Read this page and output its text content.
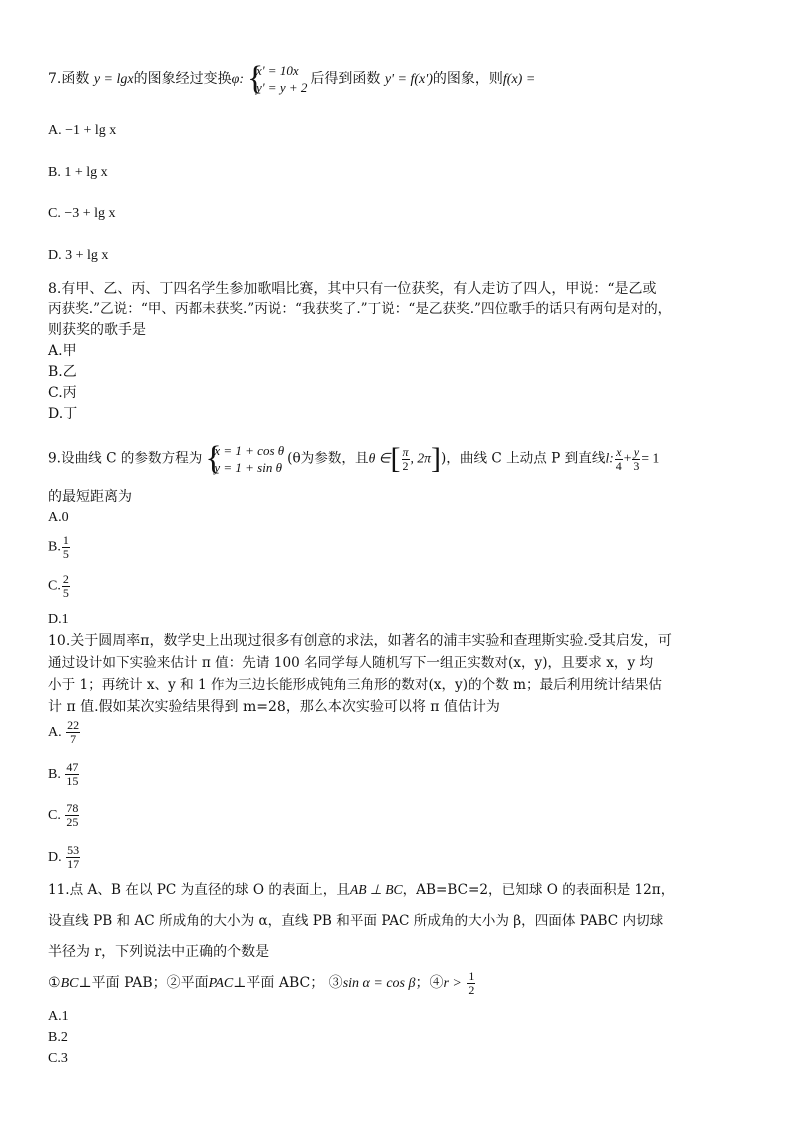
7.函数 y = lgx的图象经过变换φ: {
x' = 10x
y' = y + 2
后得到函数 y' = f(x')的图象，则f(x) =
A. −1 + lg x
B. 1 + lg x
C. −3 + lg x
D. 3 + lg x
8.有甲、乙、丙、丁四名学生参加歌唱比赛，其中只有一位获奖，有人走访了四人，甲说：“是乙或
丙获奖.”乙说：“甲、丙都未获奖.”丙说：“我获奖了.”丁说：“是乙获奖.”四位歌手的话只有两句是对的，
则获奖的歌手是
A.甲
B.乙
C.丙
D.丁
9.设曲线 C 的参数方程为 {
x = 1 + cos θ
y = 1 + sin θ
(θ为参数，且θ ∈[ $\frac{\pi}{2}$ , 2π])，曲线 C 上动点 P 到直线l: $\frac{x}{4} + \frac{y}{3} = 1$
的最短距离为
A.0
B. $\frac{1}{5}$
C. $\frac{2}{5}$
D.1
10.关于圆周率π，数学史上出现过很多有创意的求法，如著名的浦丰实验和查理斯实验.受其启发，可
通过设计如下实验来估计 π 值：先请 100 名同学每人随机写下一组正实数对(x，y)，且要求 x，y 均
小于 1；再统计 x、y 和 1 作为三边长能形成钝角三角形的数对(x，y)的个数 m；最后利用统计结果估
计 π 值.假如某次实验结果得到 m=28，那么本次实验可以将 π 值估计为
A. $\frac{22}{7}$
B. $\frac{47}{15}$
C. $\frac{78}{25}$
D. $\frac{53}{17}$
11.点 A、B 在以 PC 为直径的球 O 的表面上，且AB ⊥ BC，AB=BC=2，已知球 O 的表面积是 12π，
设直线 PB 和 AC 所成角的大小为 α，直线 PB 和平面 PAC 所成角的大小为 β，四面体 PABC 内切球
半径为 r，下列说法中正确的个数是
①BC⊥平面 PAB；②平面PAC⊥平面 ABC； ③sin α = cos β；④r > $\frac{1}{2}$
A.1
B.2
C.3
